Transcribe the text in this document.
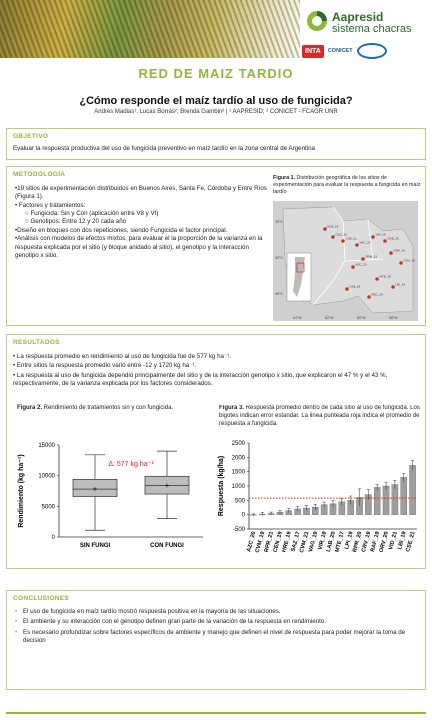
Aapresid
sistema chacras
INTA	CONICET
RED DE MAIZ TARDIO
¿Cómo responde el maíz tardío al uso de fungicida?
Andrés Madias¹; Lucas Borrás²; Brenda Gambin² | ¹ AAPRESID; ² CONICET - FCAGR UNR
OBJETIVO
Evaluar la respuesta productiva del uso de fungicida preventivo en maíz tardío en la zona central de Argentina
METODOLOGÍA

•19 sitios de experimentación distribuidos en Buenos Aires, Santa Fe, Córdoba y Entre Ríos (Figura 1).

• Factores y tratamientos:

○ Fungicida: Sin y Con (aplicación entre V8 y Vt)

○ Genotipos: Entre 12 y 20 cada año

•Diseño en bloques con dos repeticiones, siendo Fungicida el factor principal.

•Análisis con modelos de efectos mixtos, para evaluar el la proporción de la varianza en la respuesta explicada por el sitio (y bloque anidado al sitio), el genotipo y la interacción genotipo x sitio.

Figura 1. Distribución geográfica de los sitios de experimentación para evaluar la respuesta a fungicida en maíz tardío
MJZ_19
GSC_20
CSE_21
VAC_20
VIR_19
NUE_20
ORV_19
CRV_19
PRM_21
AZC_20
MTE_19
LBI_19
REC_19
LAB_19
25°S
30°S
35°S
64°W	62°W	60°W	58°W
RESULTADOS

• La respuesta promedio en rendimiento al uso de fungicida fue de 577 kg ha⁻¹.

• Entre sitios la respuesta promedio varió entre -12 y 1720 kg ha⁻¹.

• La respuesta al uso de fungicida dependió principalmente del sitio y de la interacción genotipo x sitio, que explicaron el 47 % y el 43 %, respectivamente, de la varianza explicada por los factores considerados.

Figura 2. Rendimiento de tratamientos sin y con fungicida.	Figura 3. Respuesta promedio dentro de cada sitio al uso de fungicida. Los bigotes indican error estandar. La linea punteada roja indica el promedio de respuesta a fungicida.
0
5000
10000
15000
Rendimiento (kg ha⁻¹)	+
SIN FUNGI
+
CON FUNGI
Δ: 577 kg ha⁻¹
-500
0
500
1000
1500
2000
2500
Respuesta (kg/ha)
AZC_20
CVM_19
RPR_21
CEN_19
HRE_19
SAZ_17
CVM_21
VAG_19
VIR_19
LAB_20
MTE_17
LPI_19
RPR_20
CRV_19
RAF_19
ORV_20
VID_21
LBI_19
CSE_21
CONCLUSIONES
• El uso de fungicida en maíz tardío mostró respuesta positiva en la mayoría de las situaciones.
• El ambiente y su interacción con el genotipo definen gran parte de la variación de la respuesta en rendimiento.
• Es necesario profundizar sobre factores específicos de ambiente y manejo que definen el nivel de respuesta para poder mejorar la toma de decision
